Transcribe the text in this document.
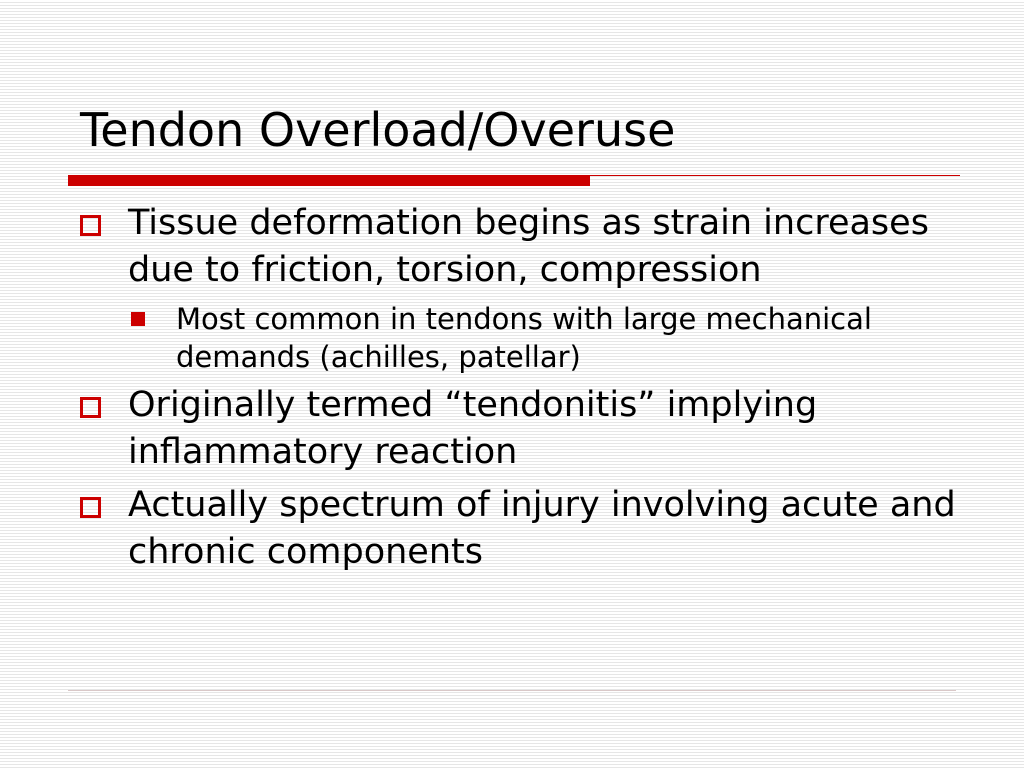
Tendon Overload/Overuse
Tissue deformation begins as strain increases due to friction, torsion, compression
Most common in tendons with large mechanical demands (achilles, patellar)
Originally termed “tendonitis” implying inflammatory reaction
Actually spectrum of injury involving acute and chronic components
